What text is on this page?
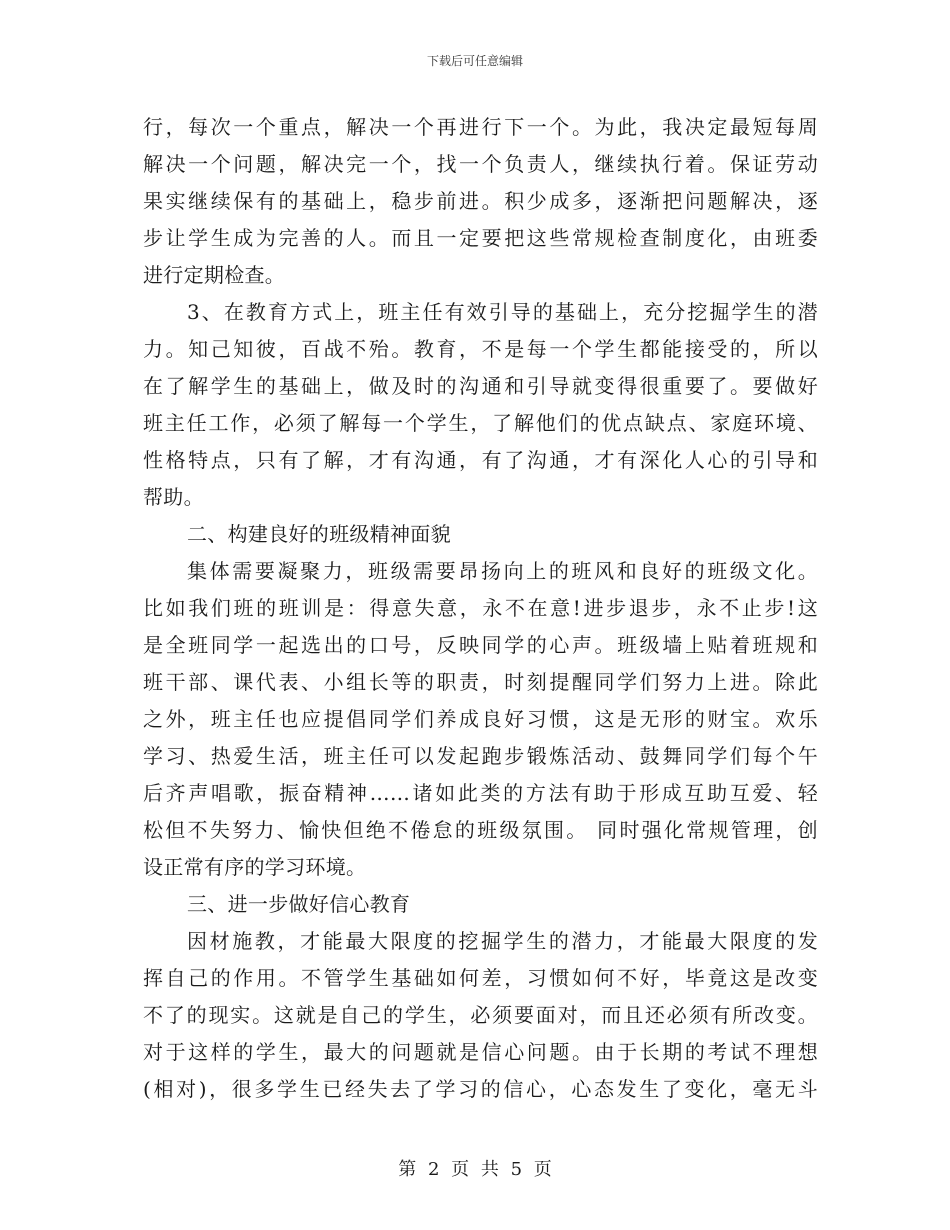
下载后可任意编辑
行，每次一个重点，解决一个再进行下一个。为此，我决定最短每周
解决一个问题，解决完一个，找一个负责人，继续执行着。保证劳动
果实继续保有的基础上，稳步前进。积少成多，逐渐把问题解决，逐
步让学生成为完善的人。而且一定要把这些常规检查制度化，由班委
进行定期检查。
3、在教育方式上，班主任有效引导的基础上，充分挖掘学生的潜
力。知己知彼，百战不殆。教育，不是每一个学生都能接受的，所以
在了解学生的基础上，做及时的沟通和引导就变得很重要了。要做好
班主任工作，必须了解每一个学生，了解他们的优点缺点、家庭环境、
性格特点，只有了解，才有沟通，有了沟通，才有深化人心的引导和
帮助。
二、构建良好的班级精神面貌
集体需要凝聚力，班级需要昂扬向上的班风和良好的班级文化。
比如我们班的班训是：得意失意，永不在意!进步退步，永不止步!这
是全班同学一起选出的口号，反映同学的心声。班级墙上贴着班规和
班干部、课代表、小组长等的职责，时刻提醒同学们努力上进。除此
之外，班主任也应提倡同学们养成良好习惯，这是无形的财宝。欢乐
学习、热爱生活，班主任可以发起跑步锻炼活动、鼓舞同学们每个午
后齐声唱歌，振奋精神……诸如此类的方法有助于形成互助互爱、轻
松但不失努力、愉快但绝不倦怠的班级氛围。 同时强化常规管理，创
设正常有序的学习环境。
三、进一步做好信心教育
因材施教，才能最大限度的挖掘学生的潜力，才能最大限度的发
挥自己的作用。不管学生基础如何差，习惯如何不好，毕竟这是改变
不了的现实。这就是自己的学生，必须要面对，而且还必须有所改变。
对于这样的学生，最大的问题就是信心问题。由于长期的考试不理想
(相对)，很多学生已经失去了学习的信心，心态发生了变化，毫无斗
第 2 页 共 5 页
